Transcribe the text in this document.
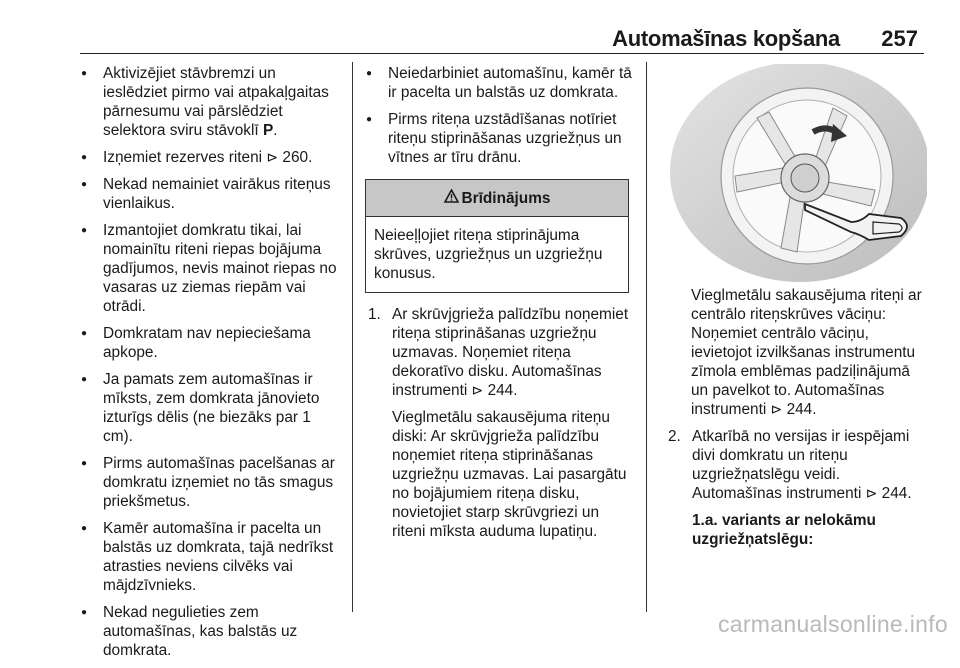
Automašīnas kopšana 257
● Aktivizējiet stāvbremzi un ieslēdziet pirmo vai atpakaļgaitas pārnesumu vai pārslēdziet selektora sviru stāvoklī P.
● Izņemiet rezerves riteni ⊳ 260.
● Nekad nemainiet vairākus riteņus vienlaikus.
● Izmantojiet domkratu tikai, lai nomainītu riteni riepas bojājuma gadījumos, nevis mainot riepas no vasaras uz ziemas riepām vai otrādi.
● Domkratam nav nepieciešama apkope.
● Ja pamats zem automašīnas ir mīksts, zem domkrata jānovieto izturīgs dēlis (ne biezāks par 1 cm).
● Pirms automašīnas pacelšanas ar domkratu izņemiet no tās smagus priekšmetus.
● Kamēr automašīna ir pacelta un balstās uz domkrata, tajā nedrīkst atrasties neviens cilvēks vai mājdzīvnieks.
● Nekad negulieties zem automašīnas, kas balstās uz domkrata.
● Neiedarbiniet automašīnu, kamēr tā ir pacelta un balstās uz domkrata.
● Pirms riteņa uzstādīšanas notīriet riteņu stiprināšanas uzgriežņus un vītnes ar tīru drānu.
Brīdinājums
Neieeļļojiet riteņa stiprinājuma skrūves, uzgriežņus un uzgriežņu konusus.
1. Ar skrūvjgrieža palīdzību noņemiet riteņa stiprināšanas uzgriežņu uzmavas. Noņemiet riteņa dekoratīvo disku. Automašīnas instrumenti ⊳ 244.

Vieglmetālu sakausējuma riteņu diski: Ar skrūvjgrieža palīdzību noņemiet riteņa stiprināšanas uzgriežņu uzmavas. Lai pasargātu no bojājumiem riteņa disku, novietojiet starp skrūvgriezi un riteni mīksta auduma lupatiņu.

Vieglmetālu sakausējuma riteņi ar centrālo riteņskrūves vāciņu: Noņemiet centrālo vāciņu, ievietojot izvilkšanas instrumentu zīmola emblēmas padziļinājumā un pavelkot to. Automašīnas instrumenti ⊳ 244.
2. Atkarībā no versijas ir iespējami divi domkratu un riteņu uzgriežņatslēgu veidi. Automašīnas instrumenti ⊳ 244.

1.a. variants ar nelokāmu uzgriežņatslēgu:

carmanualsonline.info
